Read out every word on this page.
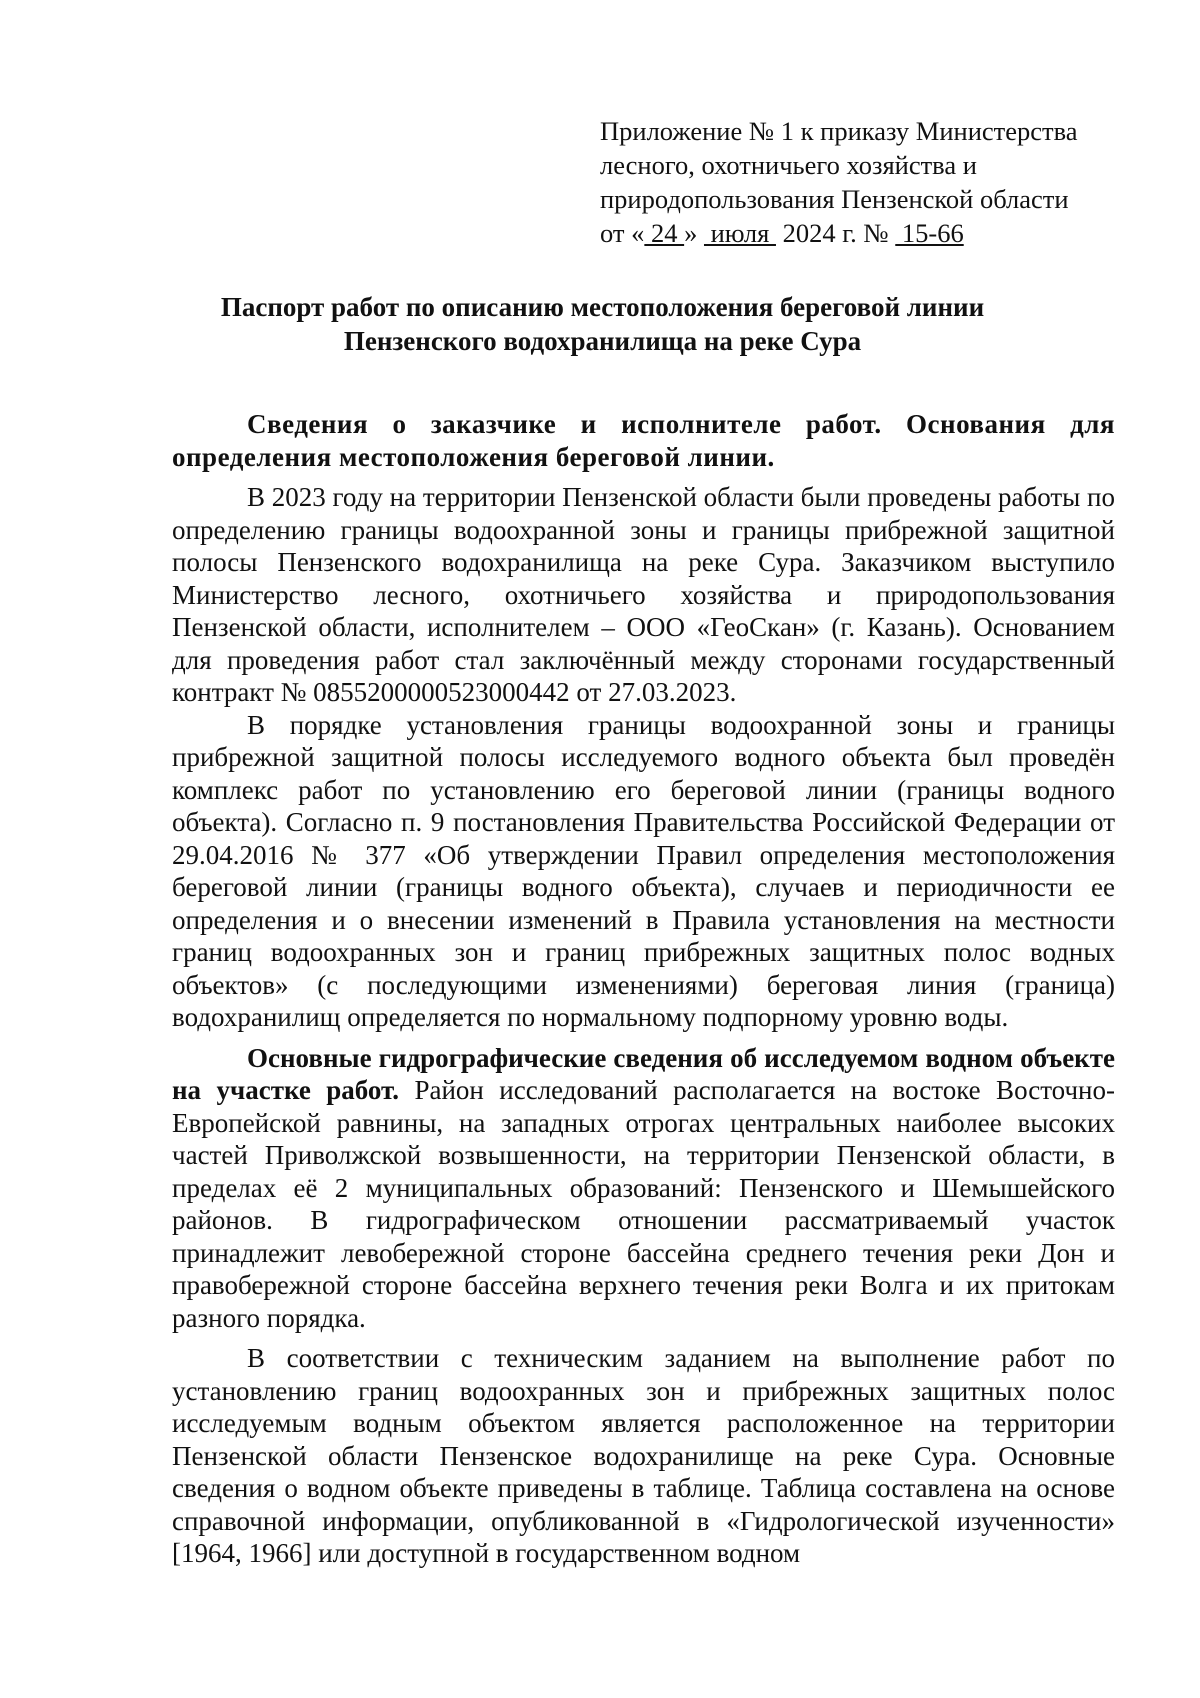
Приложение № 1 к приказу Министерства
лесного, охотничьего хозяйства и
природопользования Пензенской области
от « 24 »  июля  2024 г. №  15-66
Паспорт работ по описанию местоположения береговой линии
Пензенского водохранилища на реке Сура

Сведения о заказчике и исполнителе работ. Основания для определения местоположения береговой линии.

В 2023 году на территории Пензенской области были проведены работы по определению границы водоохранной зоны и границы прибрежной защитной полосы Пензенского водохранилища на реке Сура. Заказчиком выступило Министерство лесного, охотничьего хозяйства и природопользования Пензенской области, исполнителем – ООО «ГеоСкан» (г. Казань). Основанием для проведения работ стал заключённый между сторонами государственный контракт № 0855200000523000442 от 27.03.2023.

В порядке установления границы водоохранной зоны и границы прибрежной защитной полосы исследуемого водного объекта был проведён комплекс работ по установлению его береговой линии (границы водного объекта). Согласно п. 9 постановления Правительства Российской Федерации от 29.04.2016 № 377 «Об утверждении Правил определения местоположения береговой линии (границы водного объекта), случаев и периодичности ее определения и о внесении изменений в Правила установления на местности границ водоохранных зон и границ прибрежных защитных полос водных объектов» (с последующими изменениями) береговая линия (граница) водохранилищ определяется по нормальному подпорному уровню воды.

Основные гидрографические сведения об исследуемом водном объекте на участке работ. Район исследований располагается на востоке Восточно-Европейской равнины, на западных отрогах центральных наиболее высоких частей Приволжской возвышенности, на территории Пензенской области, в пределах её 2 муниципальных образований: Пензенского и Шемышейского районов. В гидрографическом отношении рассматриваемый участок принадлежит левобережной стороне бассейна среднего течения реки Дон и правобережной стороне бассейна верхнего течения реки Волга и их притокам разного порядка.

В соответствии с техническим заданием на выполнение работ по установлению границ водоохранных зон и прибрежных защитных полос исследуемым водным объектом является расположенное на территории Пензенской области Пензенское водохранилище на реке Сура. Основные сведения о водном объекте приведены в таблице. Таблица составлена на основе справочной информации, опубликованной в «Гидрологической изученности» [1964, 1966] или доступной в государственном водном
